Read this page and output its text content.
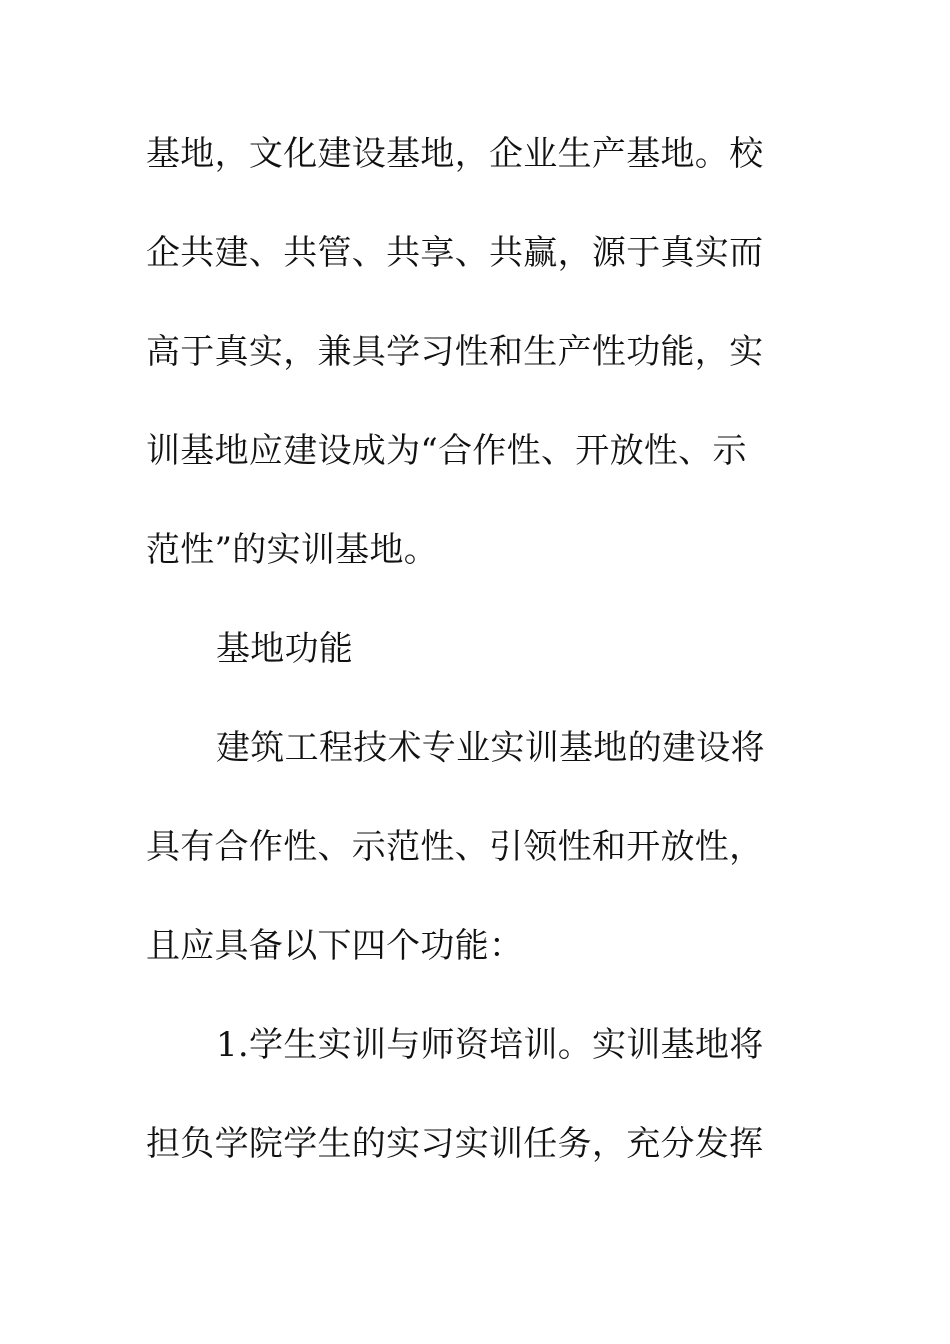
基地，文化建设基地，企业生产基地。校
企共建、共管、共享、共赢，源于真实而
高于真实，兼具学习性和生产性功能，实
训基地应建设成为“合作性、开放性、示
范性”的实训基地。
基地功能
建筑工程技术专业实训基地的建设将
具有合作性、示范性、引领性和开放性，
且应具备以下四个功能：
1.学生实训与师资培训。实训基地将
担负学院学生的实习实训任务，充分发挥
